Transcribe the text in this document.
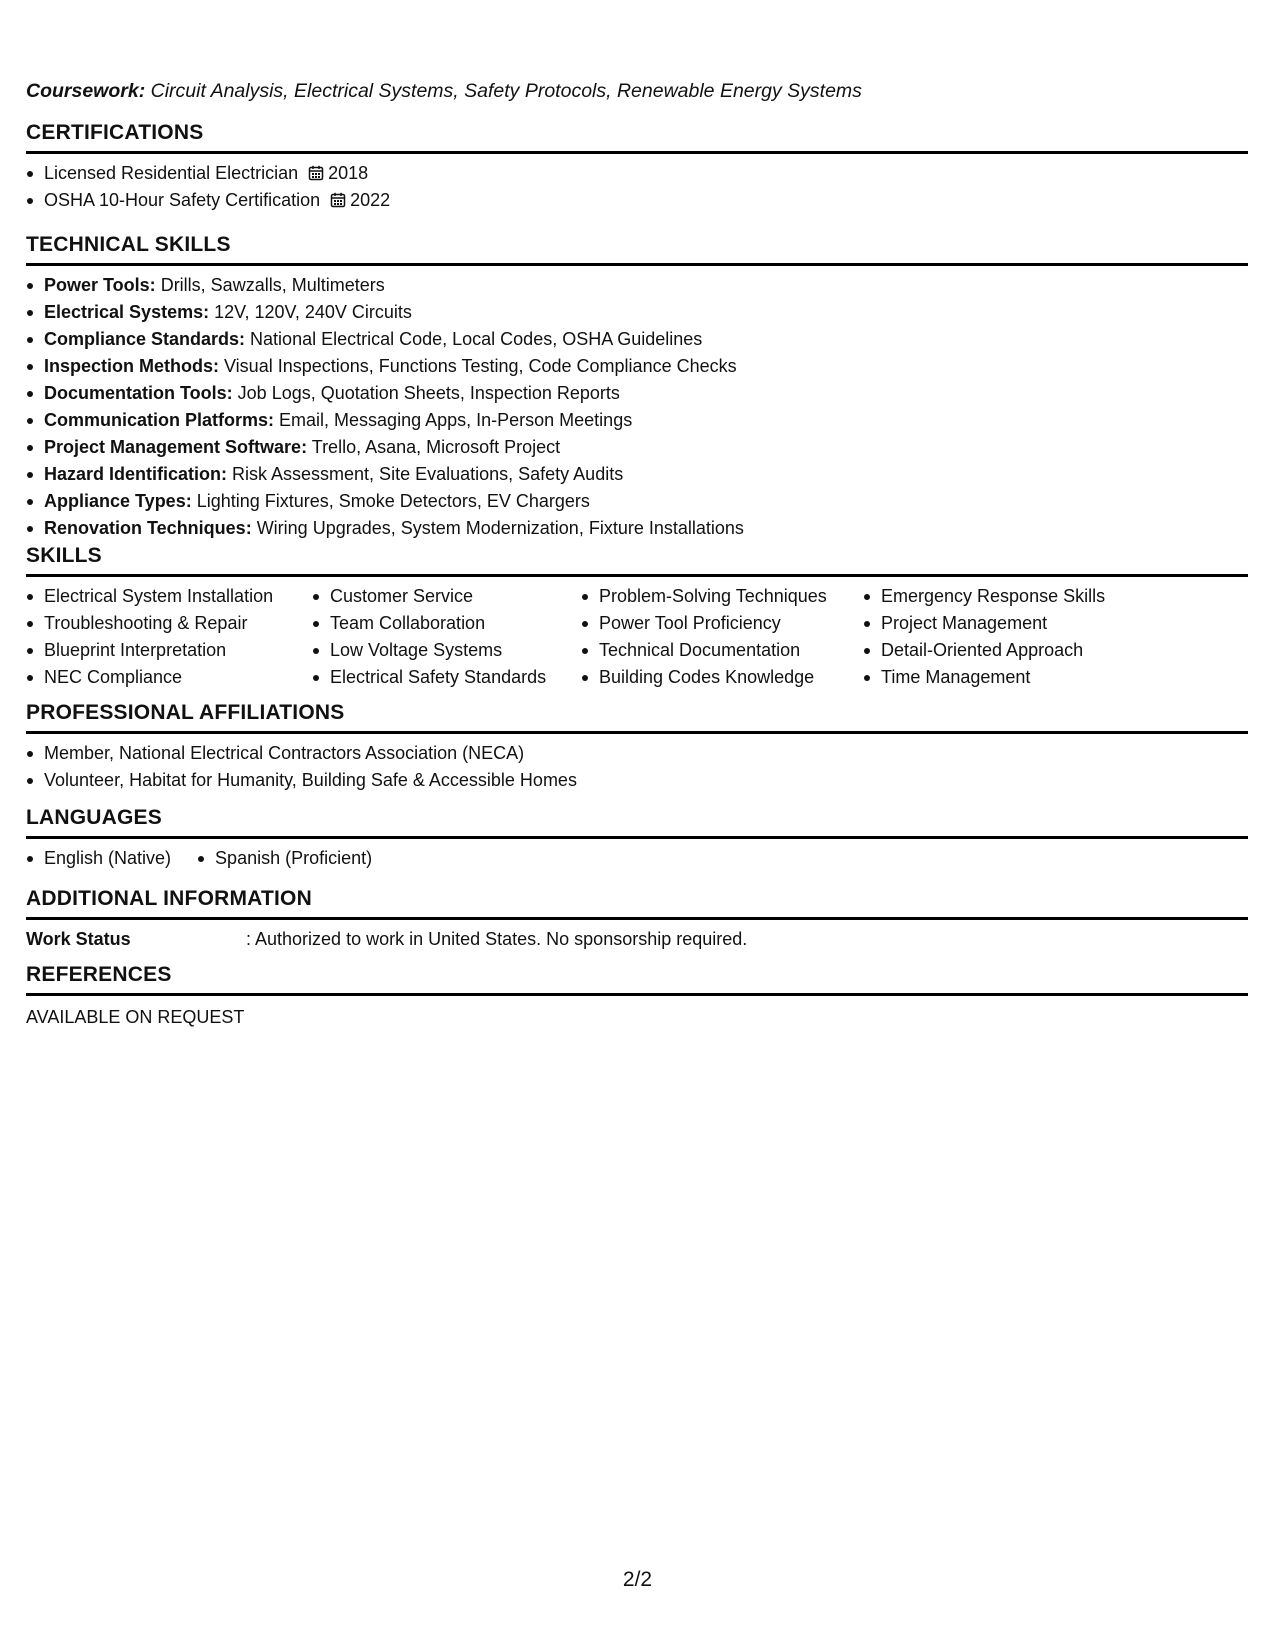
Coursework: Circuit Analysis, Electrical Systems, Safety Protocols, Renewable Energy Systems
CERTIFICATIONS
Licensed Residential Electrician 2018
OSHA 10-Hour Safety Certification 2022
TECHNICAL SKILLS
Power Tools: Drills, Sawzalls, Multimeters
Electrical Systems: 12V, 120V, 240V Circuits
Compliance Standards: National Electrical Code, Local Codes, OSHA Guidelines
Inspection Methods: Visual Inspections, Functions Testing, Code Compliance Checks
Documentation Tools: Job Logs, Quotation Sheets, Inspection Reports
Communication Platforms: Email, Messaging Apps, In-Person Meetings
Project Management Software: Trello, Asana, Microsoft Project
Hazard Identification: Risk Assessment, Site Evaluations, Safety Audits
Appliance Types: Lighting Fixtures, Smoke Detectors, EV Chargers
Renovation Techniques: Wiring Upgrades, System Modernization, Fixture Installations
SKILLS
Electrical System Installation
Troubleshooting & Repair
Blueprint Interpretation
NEC Compliance
Customer Service
Team Collaboration
Low Voltage Systems
Electrical Safety Standards
Problem-Solving Techniques
Power Tool Proficiency
Technical Documentation
Building Codes Knowledge
Emergency Response Skills
Project Management
Detail-Oriented Approach
Time Management
PROFESSIONAL AFFILIATIONS
Member, National Electrical Contractors Association (NECA)
Volunteer, Habitat for Humanity, Building Safe & Accessible Homes
LANGUAGES
English (Native)	Spanish (Proficient)
ADDITIONAL INFORMATION
Work Status	: Authorized to work in United States. No sponsorship required.
REFERENCES
AVAILABLE ON REQUEST
2/2
